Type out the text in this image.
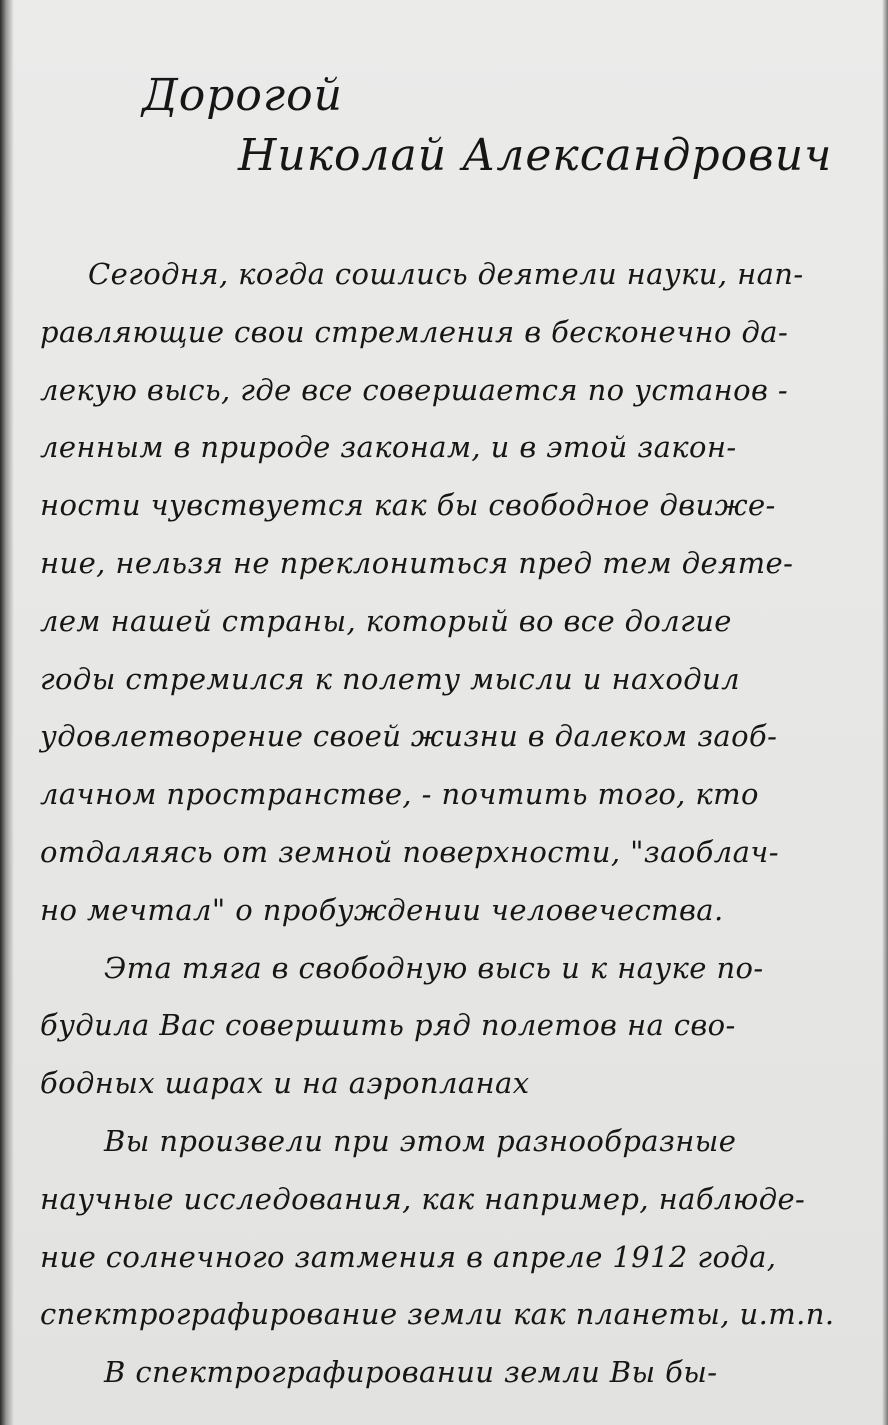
Дорогой
Николай Александрович
Сегодня, когда сошлись деятели науки, нап-
равляющие свои стремления в бесконечно да-
лекую высь, где все совершается по установ -
ленным в природе законам, и в этой закон-
ности чувствуется как бы свободное движе-
ние, нельзя не преклониться пред тем деяте-
лем нашей страны, который во все долгие
годы стремился к полету мысли и находил
удовлетворение своей жизни в далеком заоб-
лачном пространстве, - почтить того, кто
отдаляясь от земной поверхности, "заоблач-
но мечтал" о пробуждении человечества.
Эта тяга в свободную высь и к науке по-
будила Вас совершить ряд полетов на сво-
бодных шарах и на аэропланах
Вы произвели при этом разнообразные
научные исследования, как например, наблюде-
ние солнечного затмения в апреле 1912 года,
спектрографирование земли как планеты, и.т.п.
В спектрографировании земли Вы бы-
